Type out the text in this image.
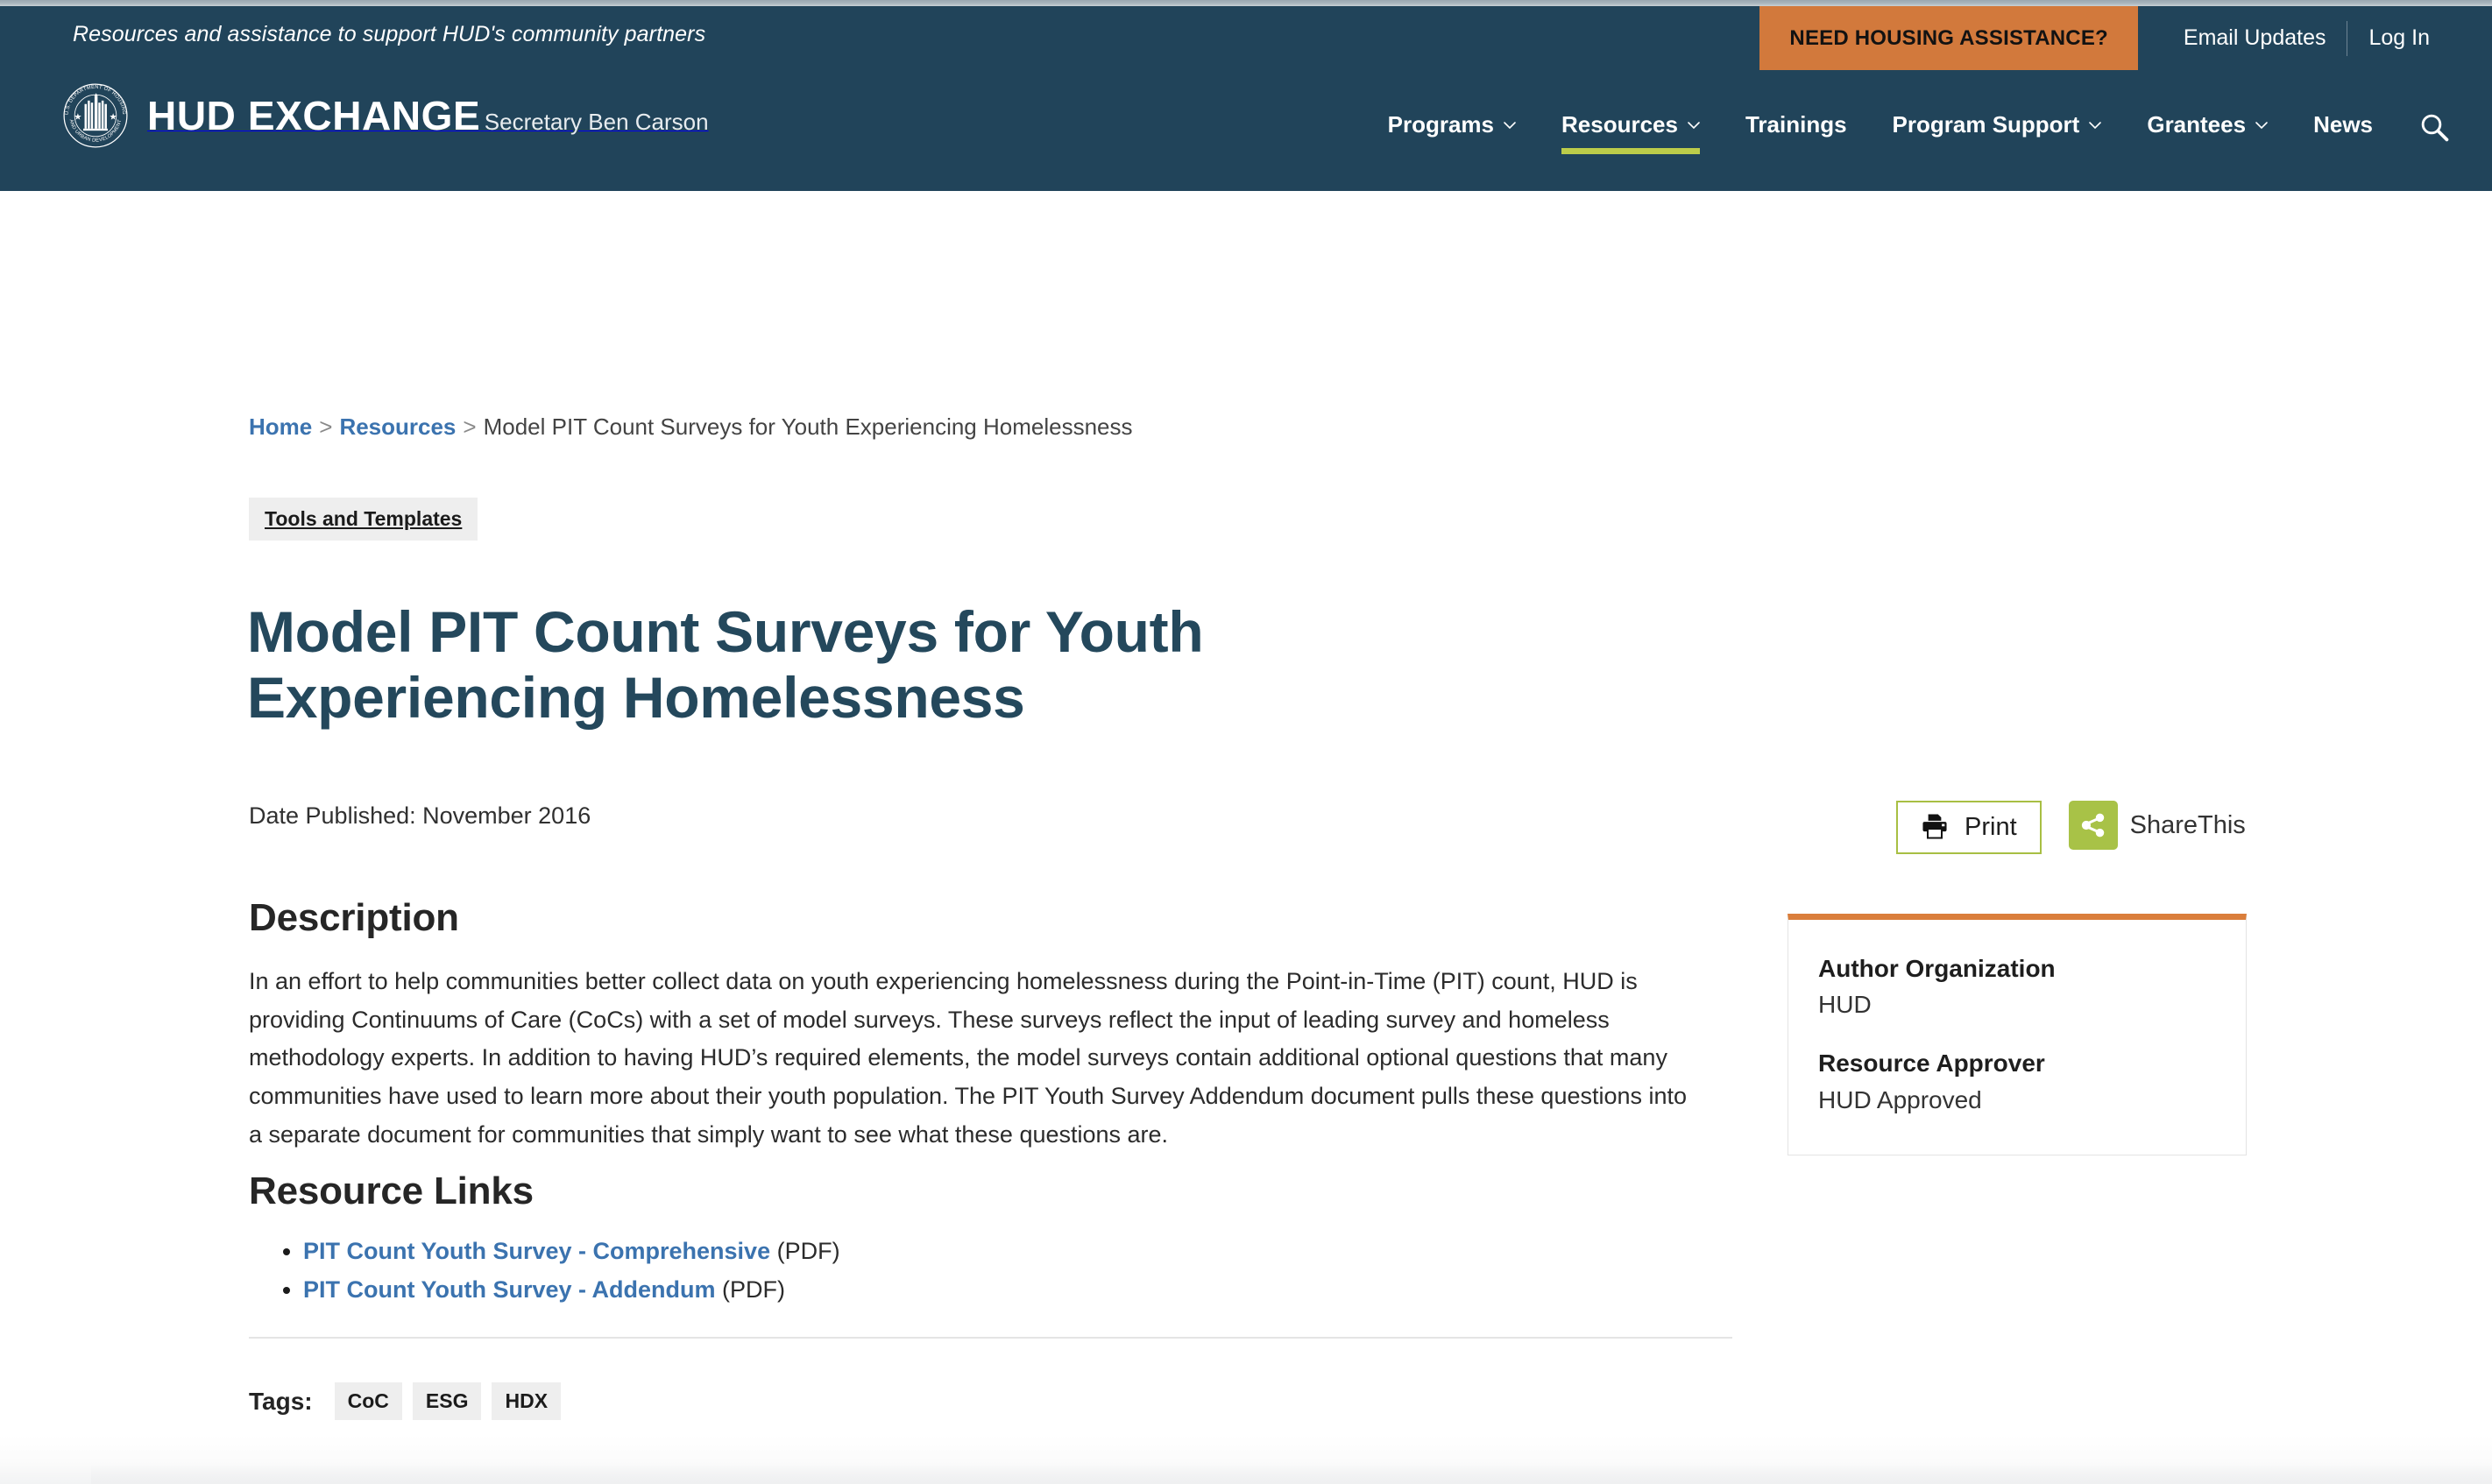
Resources and assistance to support HUD's community partners	NEED HOUSING ASSISTANCE?	Email Updates	Log In
U.S. DEPARTMENT OF HOUSING
AND URBAN DEVELOPMENT HUD EXCHANGE Secretary Ben Carson	Programs	Resources	Trainings Program Support	Grantees	News
Home > Resources > Model PIT Count Surveys for Youth Experiencing Homelessness
Tools and Templates
Model PIT Count Surveys for Youth Experiencing Homelessness
Date Published: November 2016
Description

In an effort to help communities better collect data on youth experiencing homelessness during the Point-in-Time (PIT) count, HUD is providing Continuums of Care (CoCs) with a set of model surveys. These surveys reflect the input of leading survey and homeless methodology experts. In addition to having HUD’s required elements, the model surveys contain additional optional questions that many communities have used to learn more about their youth population. The PIT Youth Survey Addendum document pulls these questions into a separate document for communities that simply want to see what these questions are.

Resource Links
• PIT Count Youth Survey - Comprehensive (PDF)
• PIT Count Youth Survey - Addendum (PDF)
Tags:	CoC	ESG	HDX
Print	ShareThis
Author Organization
HUD
Resource Approver
HUD Approved
